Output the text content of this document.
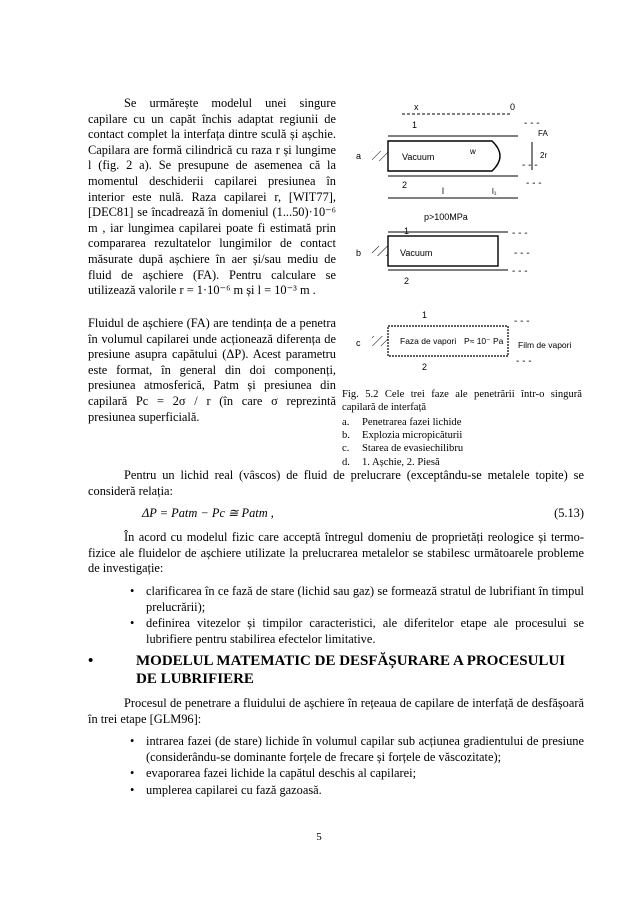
Se urmărește modelul unei singure capilare cu un capăt închis adaptat regiunii de contact complet la interfața dintre sculă și așchie. Capilara are formă cilindrică cu raza r și lungime l (fig. 2 a). Se presupune de asemenea că la momentul deschiderii capilarei presiunea în interior este nulă. Raza capilarei r, [WIT77], [DEC81] se încadrează în domeniul (1...50)·10⁻⁶ m , iar lungimea capilarei poate fi estimată prin compararea rezultatelor lungimilor de contact măsurate după așchiere în aer și/sau mediu de fluid de așchiere (FA). Pentru calculare se utilizează valorile r = 1·10⁻⁶ m și l = 10⁻³ m .
Fluidul de așchiere (FA) are tendința de a penetra în volumul capilarei unde acționează diferența de presiune asupra capătului (ΔP). Acest parametru este format, în general din doi componenți, presiunea atmosferică, Patm și presiunea din capilară Pc = 2σ / r (în care σ reprezintă presiunea superficială.
x	0
1
a	Vacuum
w
FA
2r
2
l	l₁
- - -
- - -
- - -
p>100MPa
1
b	Vacuum
2
- - -
- - -
- - -
1
c	Faza de vapori P≈ 10⁻ Pa Film de vapori
2
- - -
- - -
Fig. 5.2 Cele trei faze ale penetrării într-o singură capilară de interfață
a. Penetrarea fazei lichide
b. Explozia micropicăturii
c. Starea de evasiechilibru
d. 1. Așchie, 2. Piesă
Pentru un lichid real (vâscos) de fluid de prelucrare (exceptându-se metalele topite) se consideră relația:
ΔP = Patm − Pc ≅ Patm ,	(5.13)
În acord cu modelul fizic care acceptă întregul domeniu de proprietăți reologice și termo-fizice ale fluidelor de așchiere utilizate la prelucrarea metalelor se stabilesc următoarele probleme de investigație:
• clarificarea în ce fază de stare (lichid sau gaz) se formează stratul de lubrifiant în timpul prelucrării);
• definirea vitezelor și timpilor caracteristici, ale diferitelor etape ale procesului se lubrifiere pentru stabilirea efectelor limitative.
•	MODELUL MATEMATIC DE DESFĂȘURARE A PROCESULUI DE LUBRIFIERE
Procesul de penetrare a fluidului de așchiere în rețeaua de capilare de interfață de desfășoară în trei etape [GLM96]:
• intrarea fazei (de stare) lichide în volumul capilar sub acțiunea gradientului de presiune (considerându-se dominante forțele de frecare și forțele de văscozitate);
• evaporarea fazei lichide la capătul deschis al capilarei;
• umplerea capilarei cu fază gazoasă.
5
